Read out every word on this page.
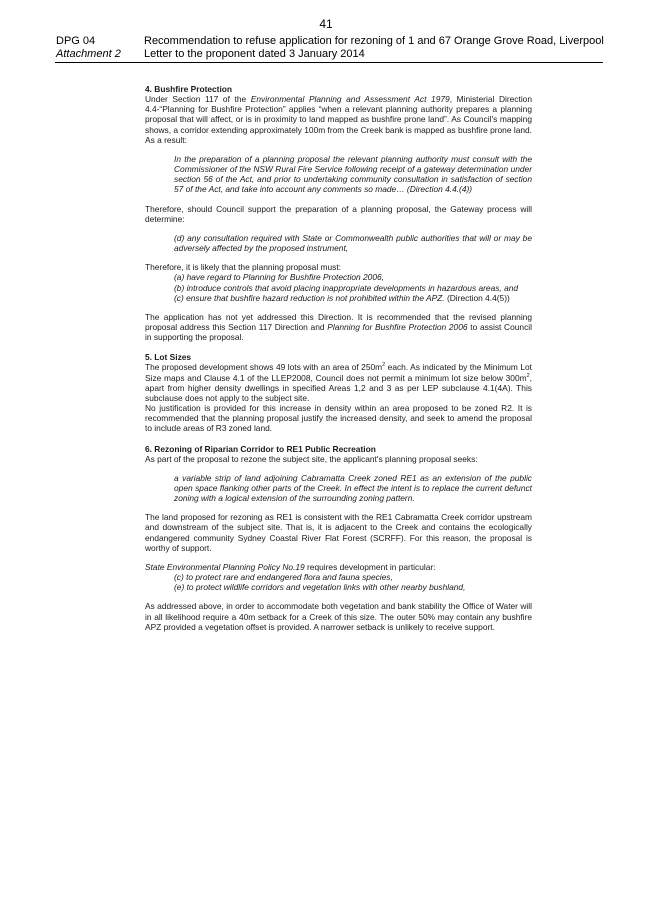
41
DPG 04
Attachment 2
Recommendation to refuse application for rezoning of 1 and 67 Orange Grove Road, Liverpool
Letter to the proponent dated 3 January 2014

4. Bushfire Protection

Under Section 117 of the Environmental Planning and Assessment Act 1979, Ministerial Direction 4.4-“Planning for Bushfire Protection” applies “when a relevant planning authority prepares a planning proposal that will affect, or is in proximity to land mapped as bushfire prone land”. As Council's mapping shows, a corridor extending approximately 100m from the Creek bank is mapped as bushfire prone land. As a result:

In the preparation of a planning proposal the relevant planning authority must consult with the Commissioner of the NSW Rural Fire Service following receipt of a gateway determination under section 56 of the Act, and prior to undertaking community consultation in satisfaction of section 57 of the Act, and take into account any comments so made… (Direction 4.4.(4))

Therefore, should Council support the preparation of a planning proposal, the Gateway process will determine:

(d) any consultation required with State or Commonwealth public authorities that will or may be adversely affected by the proposed instrument,

Therefore, it is likely that the planning proposal must:

(a) have regard to Planning for Bushfire Protection 2006,

(b) introduce controls that avoid placing inappropriate developments in hazardous areas, and

(c) ensure that bushfire hazard reduction is not prohibited within the APZ. (Direction 4.4(5))

The application has not yet addressed this Direction. It is recommended that the revised planning proposal address this Section 117 Direction and Planning for Bushfire Protection 2006 to assist Council in supporting the proposal.

5. Lot Sizes

The proposed development shows 49 lots with an area of $250m^2$ each. As indicated by the Minimum Lot Size maps and Clause 4.1 of the LLEP2008, Council does not permit a minimum lot size below $300m^2$, apart from higher density dwellings in specified Areas 1,2 and 3 as per LEP subclause 4.1(4A). This subclause does not apply to the subject site.

No justification is provided for this increase in density within an area proposed to be zoned R2. It is recommended that the planning proposal justify the increased density, and seek to amend the proposal to include areas of R3 zoned land.

6. Rezoning of Riparian Corridor to RE1 Public Recreation

As part of the proposal to rezone the subject site, the applicant's planning proposal seeks:

a variable strip of land adjoining Cabramatta Creek zoned RE1 as an extension of the public open space flanking other parts of the Creek. In effect the intent is to replace the current defunct zoning with a logical extension of the surrounding zoning pattern.

The land proposed for rezoning as RE1 is consistent with the RE1 Cabramatta Creek corridor upstream and downstream of the subject site. That is, it is adjacent to the Creek and contains the ecologically endangered community Sydney Coastal River Flat Forest (SCRFF). For this reason, the proposal is worthy of support.

State Environmental Planning Policy No.19 requires development in particular:

(c) to protect rare and endangered flora and fauna species,

(e) to protect wildlife corridors and vegetation links with other nearby bushland,

As addressed above, in order to accommodate both vegetation and bank stability the Office of Water will in all likelihood require a 40m setback for a Creek of this size. The outer 50% may contain any bushfire APZ provided a vegetation offset is provided. A narrower setback is unlikely to receive support.
